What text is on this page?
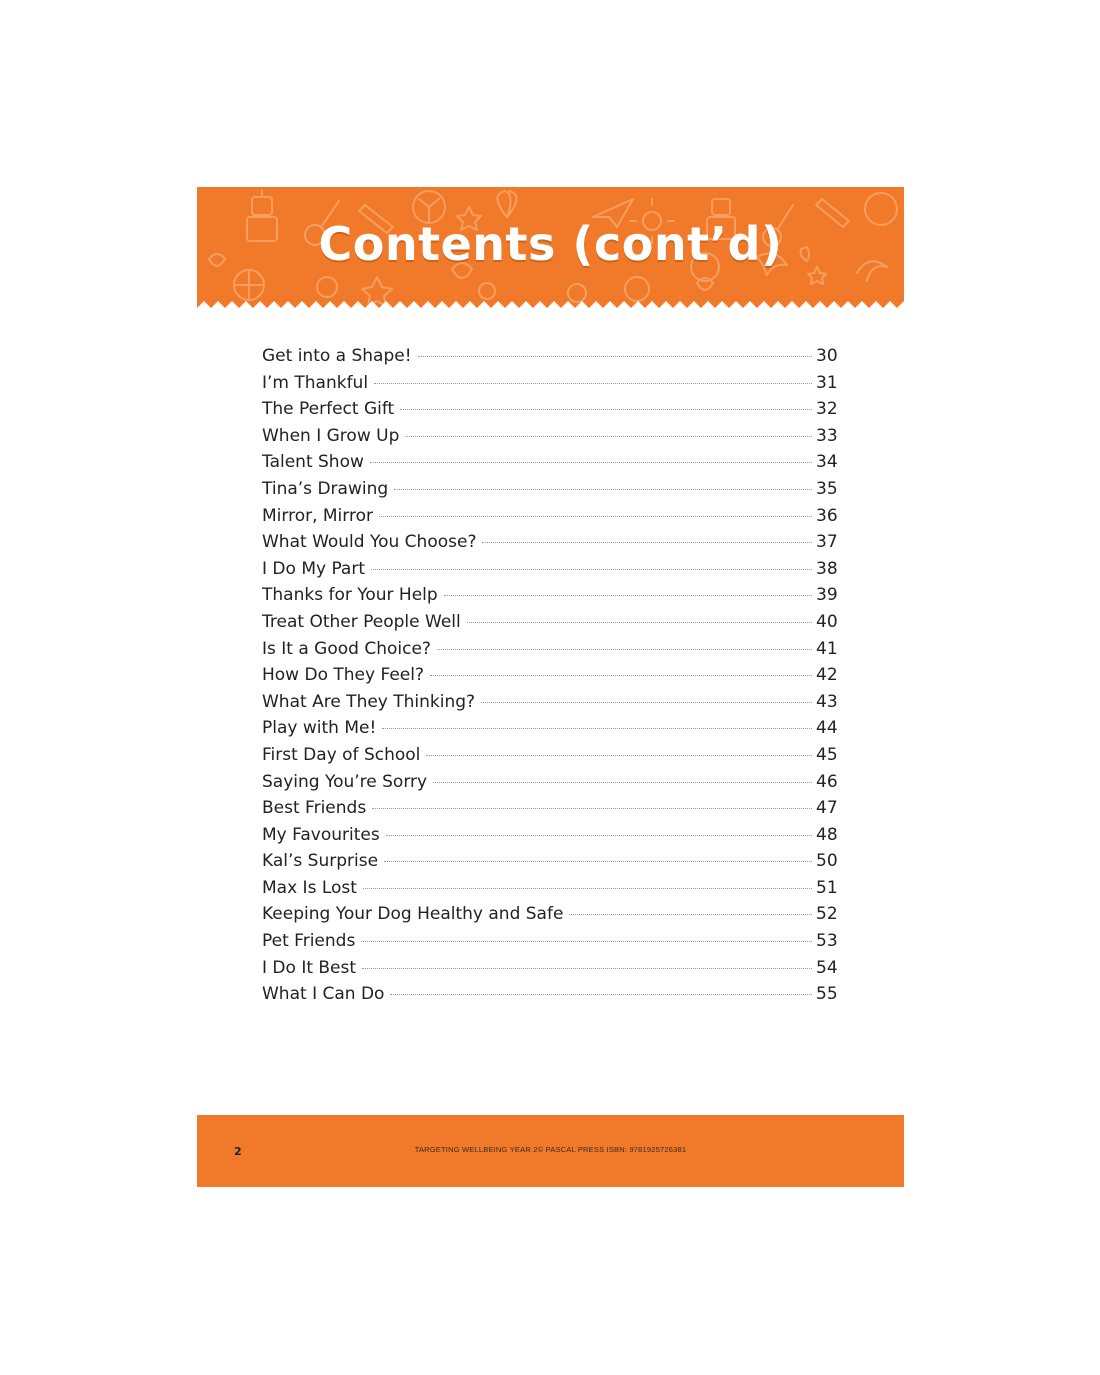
Contents (cont’d)
Get into a Shape!	30
I’m Thankful	31
The Perfect Gift	32
When I Grow Up	33
Talent Show	34
Tina’s Drawing	35
Mirror, Mirror	36
What Would You Choose?	37
I Do My Part	38
Thanks for Your Help	39
Treat Other People Well	40
Is It a Good Choice?	41
How Do They Feel?	42
What Are They Thinking?	43
Play with Me!	44
First Day of School	45
Saying You’re Sorry	46
Best Friends	47
My Favourites	48
Kal’s Surprise	50
Max Is Lost	51
Keeping Your Dog Healthy and Safe	52
Pet Friends	53
I Do It Best	54
What I Can Do	55
2	TARGETING WELLBEING YEAR 2© PASCAL PRESS ISBN: 9781925726381
